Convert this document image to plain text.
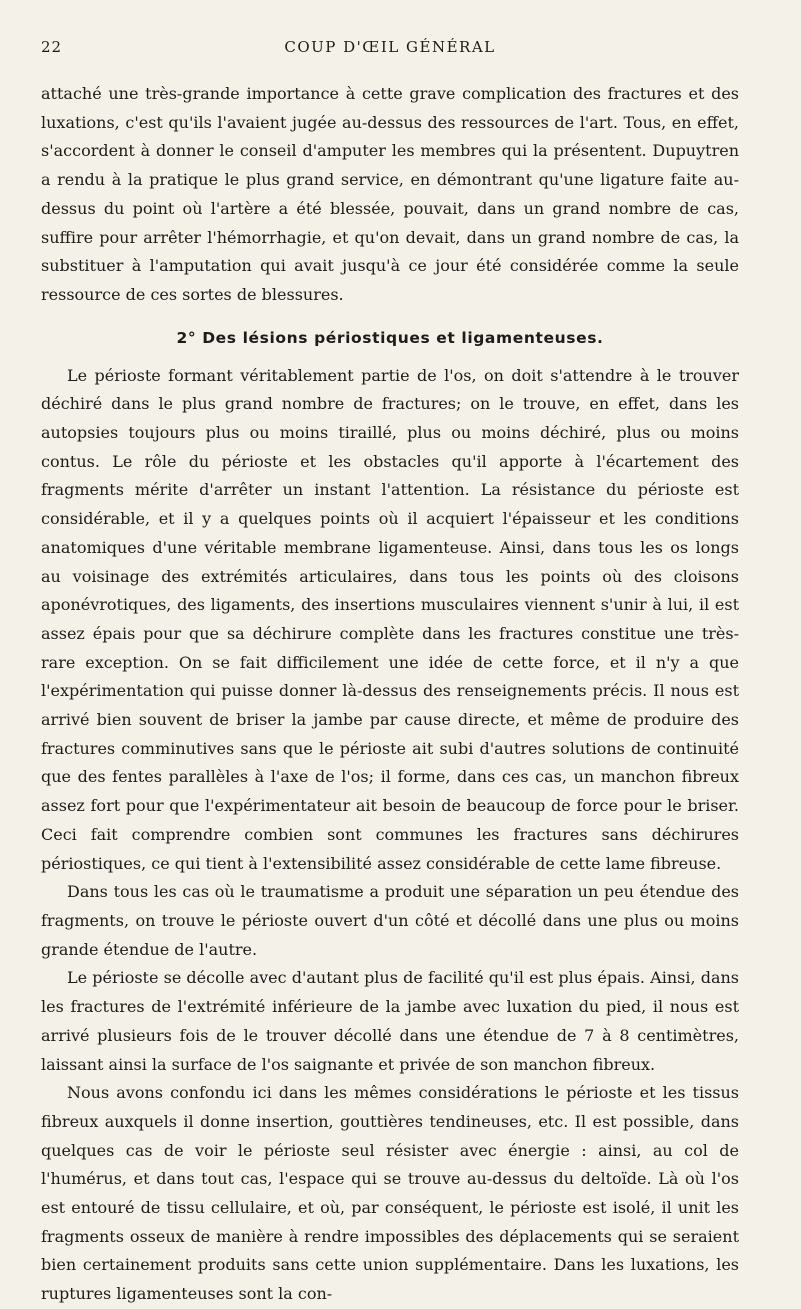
22	COUP D'ŒIL GÉNÉRAL

attaché une très-grande importance à cette grave complication des fractures et des luxations, c'est qu'ils l'avaient jugée au-dessus des ressources de l'art. Tous, en effet, s'accordent à donner le conseil d'amputer les membres qui la présentent. Dupuytren a rendu à la pratique le plus grand service, en démontrant qu'une ligature faite au-dessus du point où l'artère a été blessée, pouvait, dans un grand nombre de cas, suffire pour arrêter l'hémorrhagie, et qu'on devait, dans un grand nombre de cas, la substituer à l'amputation qui avait jusqu'à ce jour été considérée comme la seule ressource de ces sortes de blessures.

2° Des lésions périostiques et ligamenteuses.

Le périoste formant véritablement partie de l'os, on doit s'attendre à le trouver déchiré dans le plus grand nombre de fractures; on le trouve, en effet, dans les autopsies toujours plus ou moins tiraillé, plus ou moins déchiré, plus ou moins contus. Le rôle du périoste et les obstacles qu'il apporte à l'écartement des fragments mérite d'arrêter un instant l'attention. La résistance du périoste est considérable, et il y a quelques points où il acquiert l'épaisseur et les conditions anatomiques d'une véritable membrane ligamenteuse. Ainsi, dans tous les os longs au voisinage des extrémités articulaires, dans tous les points où des cloisons aponévrotiques, des ligaments, des insertions musculaires viennent s'unir à lui, il est assez épais pour que sa déchirure complète dans les fractures constitue une très-rare exception. On se fait difficilement une idée de cette force, et il n'y a que l'expérimentation qui puisse donner là-dessus des renseignements précis. Il nous est arrivé bien souvent de briser la jambe par cause directe, et même de produire des fractures comminutives sans que le périoste ait subi d'autres solutions de continuité que des fentes parallèles à l'axe de l'os; il forme, dans ces cas, un manchon fibreux assez fort pour que l'expérimentateur ait besoin de beaucoup de force pour le briser. Ceci fait comprendre combien sont communes les fractures sans déchirures périostiques, ce qui tient à l'extensibilité assez considérable de cette lame fibreuse.

Dans tous les cas où le traumatisme a produit une séparation un peu étendue des fragments, on trouve le périoste ouvert d'un côté et décollé dans une plus ou moins grande étendue de l'autre.

Le périoste se décolle avec d'autant plus de facilité qu'il est plus épais. Ainsi, dans les fractures de l'extrémité inférieure de la jambe avec luxation du pied, il nous est arrivé plusieurs fois de le trouver décollé dans une étendue de 7 à 8 centimètres, laissant ainsi la surface de l'os saignante et privée de son manchon fibreux.

Nous avons confondu ici dans les mêmes considérations le périoste et les tissus fibreux auxquels il donne insertion, gouttières tendineuses, etc. Il est possible, dans quelques cas de voir le périoste seul résister avec énergie : ainsi, au col de l'humérus, et dans tout cas, l'espace qui se trouve au-dessus du deltoïde. Là où l'os est entouré de tissu cellulaire, et où, par conséquent, le périoste est isolé, il unit les fragments osseux de manière à rendre impossibles des déplacements qui se seraient bien certainement produits sans cette union supplémentaire. Dans les luxations, les ruptures ligamenteuses sont la con-
